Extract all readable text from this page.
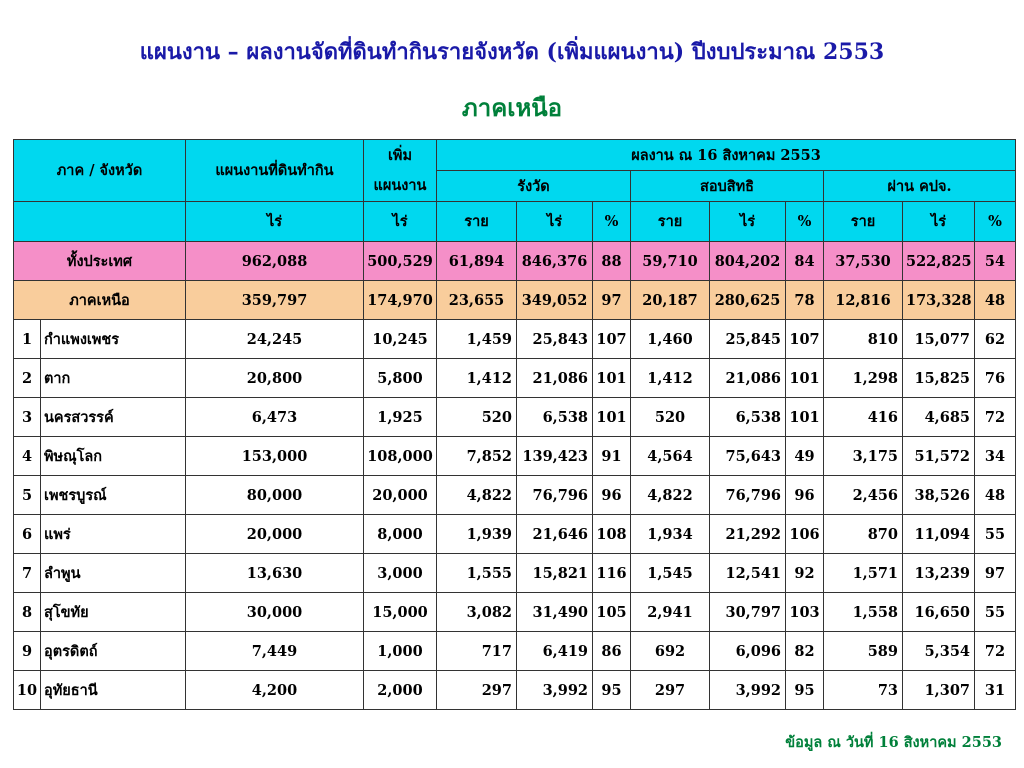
แผนงาน – ผลงานจัดที่ดินทำกินรายจังหวัด (เพิ่มแผนงาน) ปีงบประมาณ 2553
ภาคเหนือ
ภาค / จังหวัด		แผนงานที่ดินทำกิน	เพิ่ม
แผนงาน	ผลงาน ณ 16 สิงหาคม 2553								
				รังวัด			สอบสิทธิ			ผ่าน คปจ.		
		ไร่	ไร่	ราย	ไร่	%	ราย	ไร่	%	ราย	ไร่	%
ทั้งประเทศ		962,088	500,529	61,894	846,376	88	59,710	804,202	84	37,530	522,825	54
ภาคเหนือ		359,797	174,970	23,655	349,052	97	20,187	280,625	78	12,816	173,328	48
1	กำแพงเพชร	24,245	10,245	1,459	25,843	107	1,460	25,845	107	810	15,077	62
2	ตาก	20,800	5,800	1,412	21,086	101	1,412	21,086	101	1,298	15,825	76
3	นครสวรรค์	6,473	1,925	520	6,538	101	520	6,538	101	416	4,685	72
4	พิษณุโลก	153,000	108,000	7,852	139,423	91	4,564	75,643	49	3,175	51,572	34
5	เพชรบูรณ์	80,000	20,000	4,822	76,796	96	4,822	76,796	96	2,456	38,526	48
6	แพร่	20,000	8,000	1,939	21,646	108	1,934	21,292	106	870	11,094	55
7	ลำพูน	13,630	3,000	1,555	15,821	116	1,545	12,541	92	1,571	13,239	97
8	สุโขทัย	30,000	15,000	3,082	31,490	105	2,941	30,797	103	1,558	16,650	55
9	อุตรดิตถ์	7,449	1,000	717	6,419	86	692	6,096	82	589	5,354	72
10	อุทัยธานี	4,200	2,000	297	3,992	95	297	3,992	95	73	1,307	31
ข้อมูล ณ วันที่ 16 สิงหาคม 2553
